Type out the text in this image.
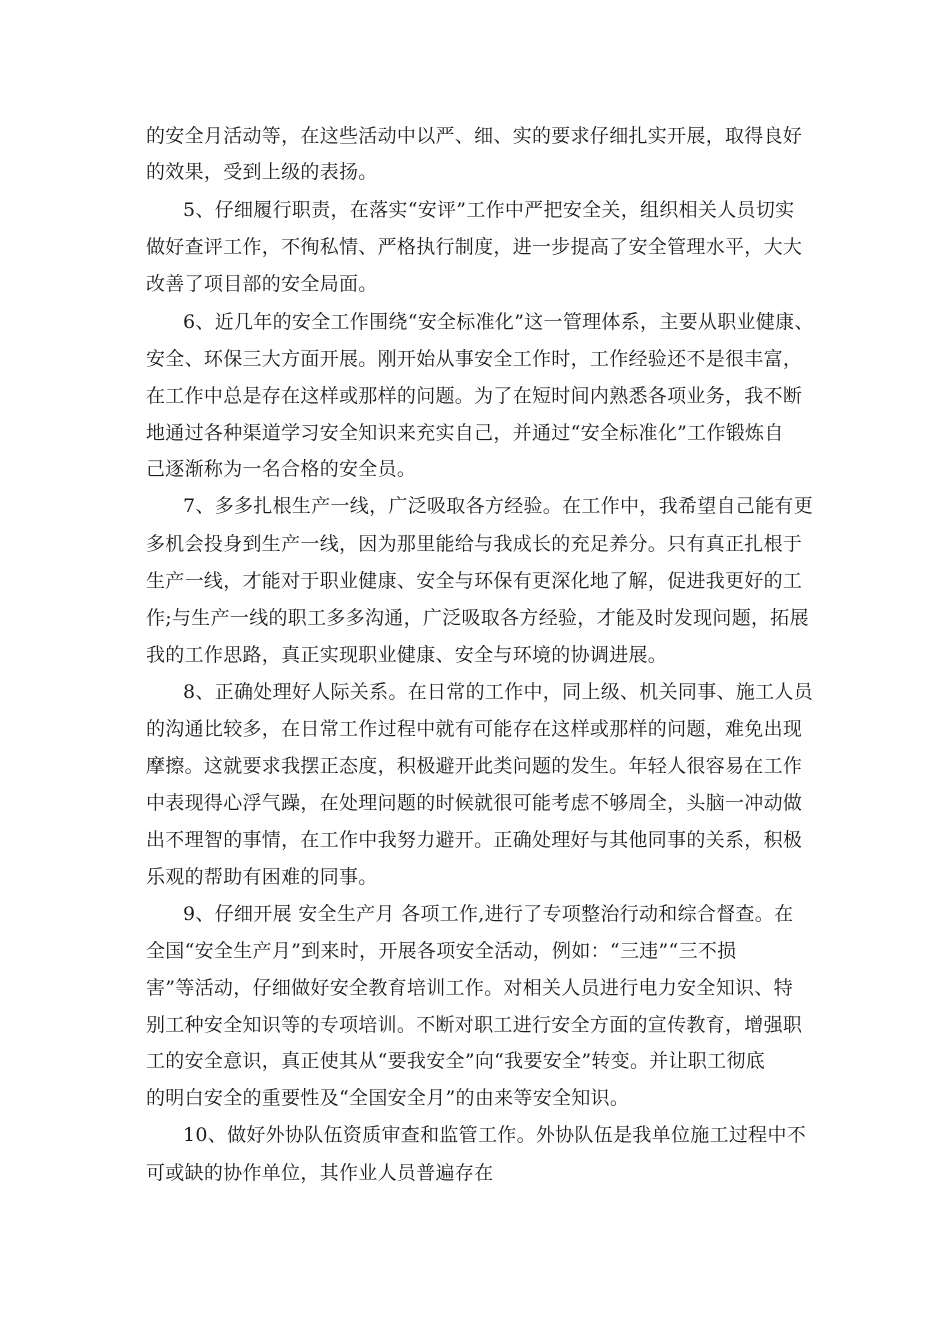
的安全月活动等，在这些活动中以严、细、实的要求仔细扎实开展，取得良好
的效果，受到上级的表扬。
5、仔细履行职责，在落实“安评”工作中严把安全关，组织相关人员切实
做好查评工作，不徇私情、严格执行制度，进一步提高了安全管理水平，大大
改善了项目部的安全局面。
6、近几年的安全工作围绕“安全标准化”这一管理体系，主要从职业健康、
安全、环保三大方面开展。刚开始从事安全工作时，工作经验还不是很丰富，
在工作中总是存在这样或那样的问题。为了在短时间内熟悉各项业务，我不断
地通过各种渠道学习安全知识来充实自己，并通过“安全标准化”工作锻炼自
己逐渐称为一名合格的安全员。
7、多多扎根生产一线，广泛吸取各方经验。在工作中，我希望自己能有更
多机会投身到生产一线，因为那里能给与我成长的充足养分。只有真正扎根于
生产一线，才能对于职业健康、安全与环保有更深化地了解，促进我更好的工
作;与生产一线的职工多多沟通，广泛吸取各方经验，才能及时发现问题，拓展
我的工作思路，真正实现职业健康、安全与环境的协调进展。
8、正确处理好人际关系。在日常的工作中，同上级、机关同事、施工人员
的沟通比较多，在日常工作过程中就有可能存在这样或那样的问题，难免出现
摩擦。这就要求我摆正态度，积极避开此类问题的发生。年轻人很容易在工作
中表现得心浮气躁，在处理问题的时候就很可能考虑不够周全，头脑一冲动做
出不理智的事情，在工作中我努力避开。正确处理好与其他同事的关系，积极
乐观的帮助有困难的同事。
9、仔细开展 安全生产月 各项工作,进行了专项整治行动和综合督查。在
全国“安全生产月”到来时，开展各项安全活动，例如：“三违”“三不损
害”等活动，仔细做好安全教育培训工作。对相关人员进行电力安全知识、特
别工种安全知识等的专项培训。不断对职工进行安全方面的宣传教育，增强职
工的安全意识，真正使其从“要我安全”向“我要安全”转变。并让职工彻底
的明白安全的重要性及“全国安全月”的由来等安全知识。
10、做好外协队伍资质审查和监管工作。外协队伍是我单位施工过程中不
可或缺的协作单位，其作业人员普遍存在
